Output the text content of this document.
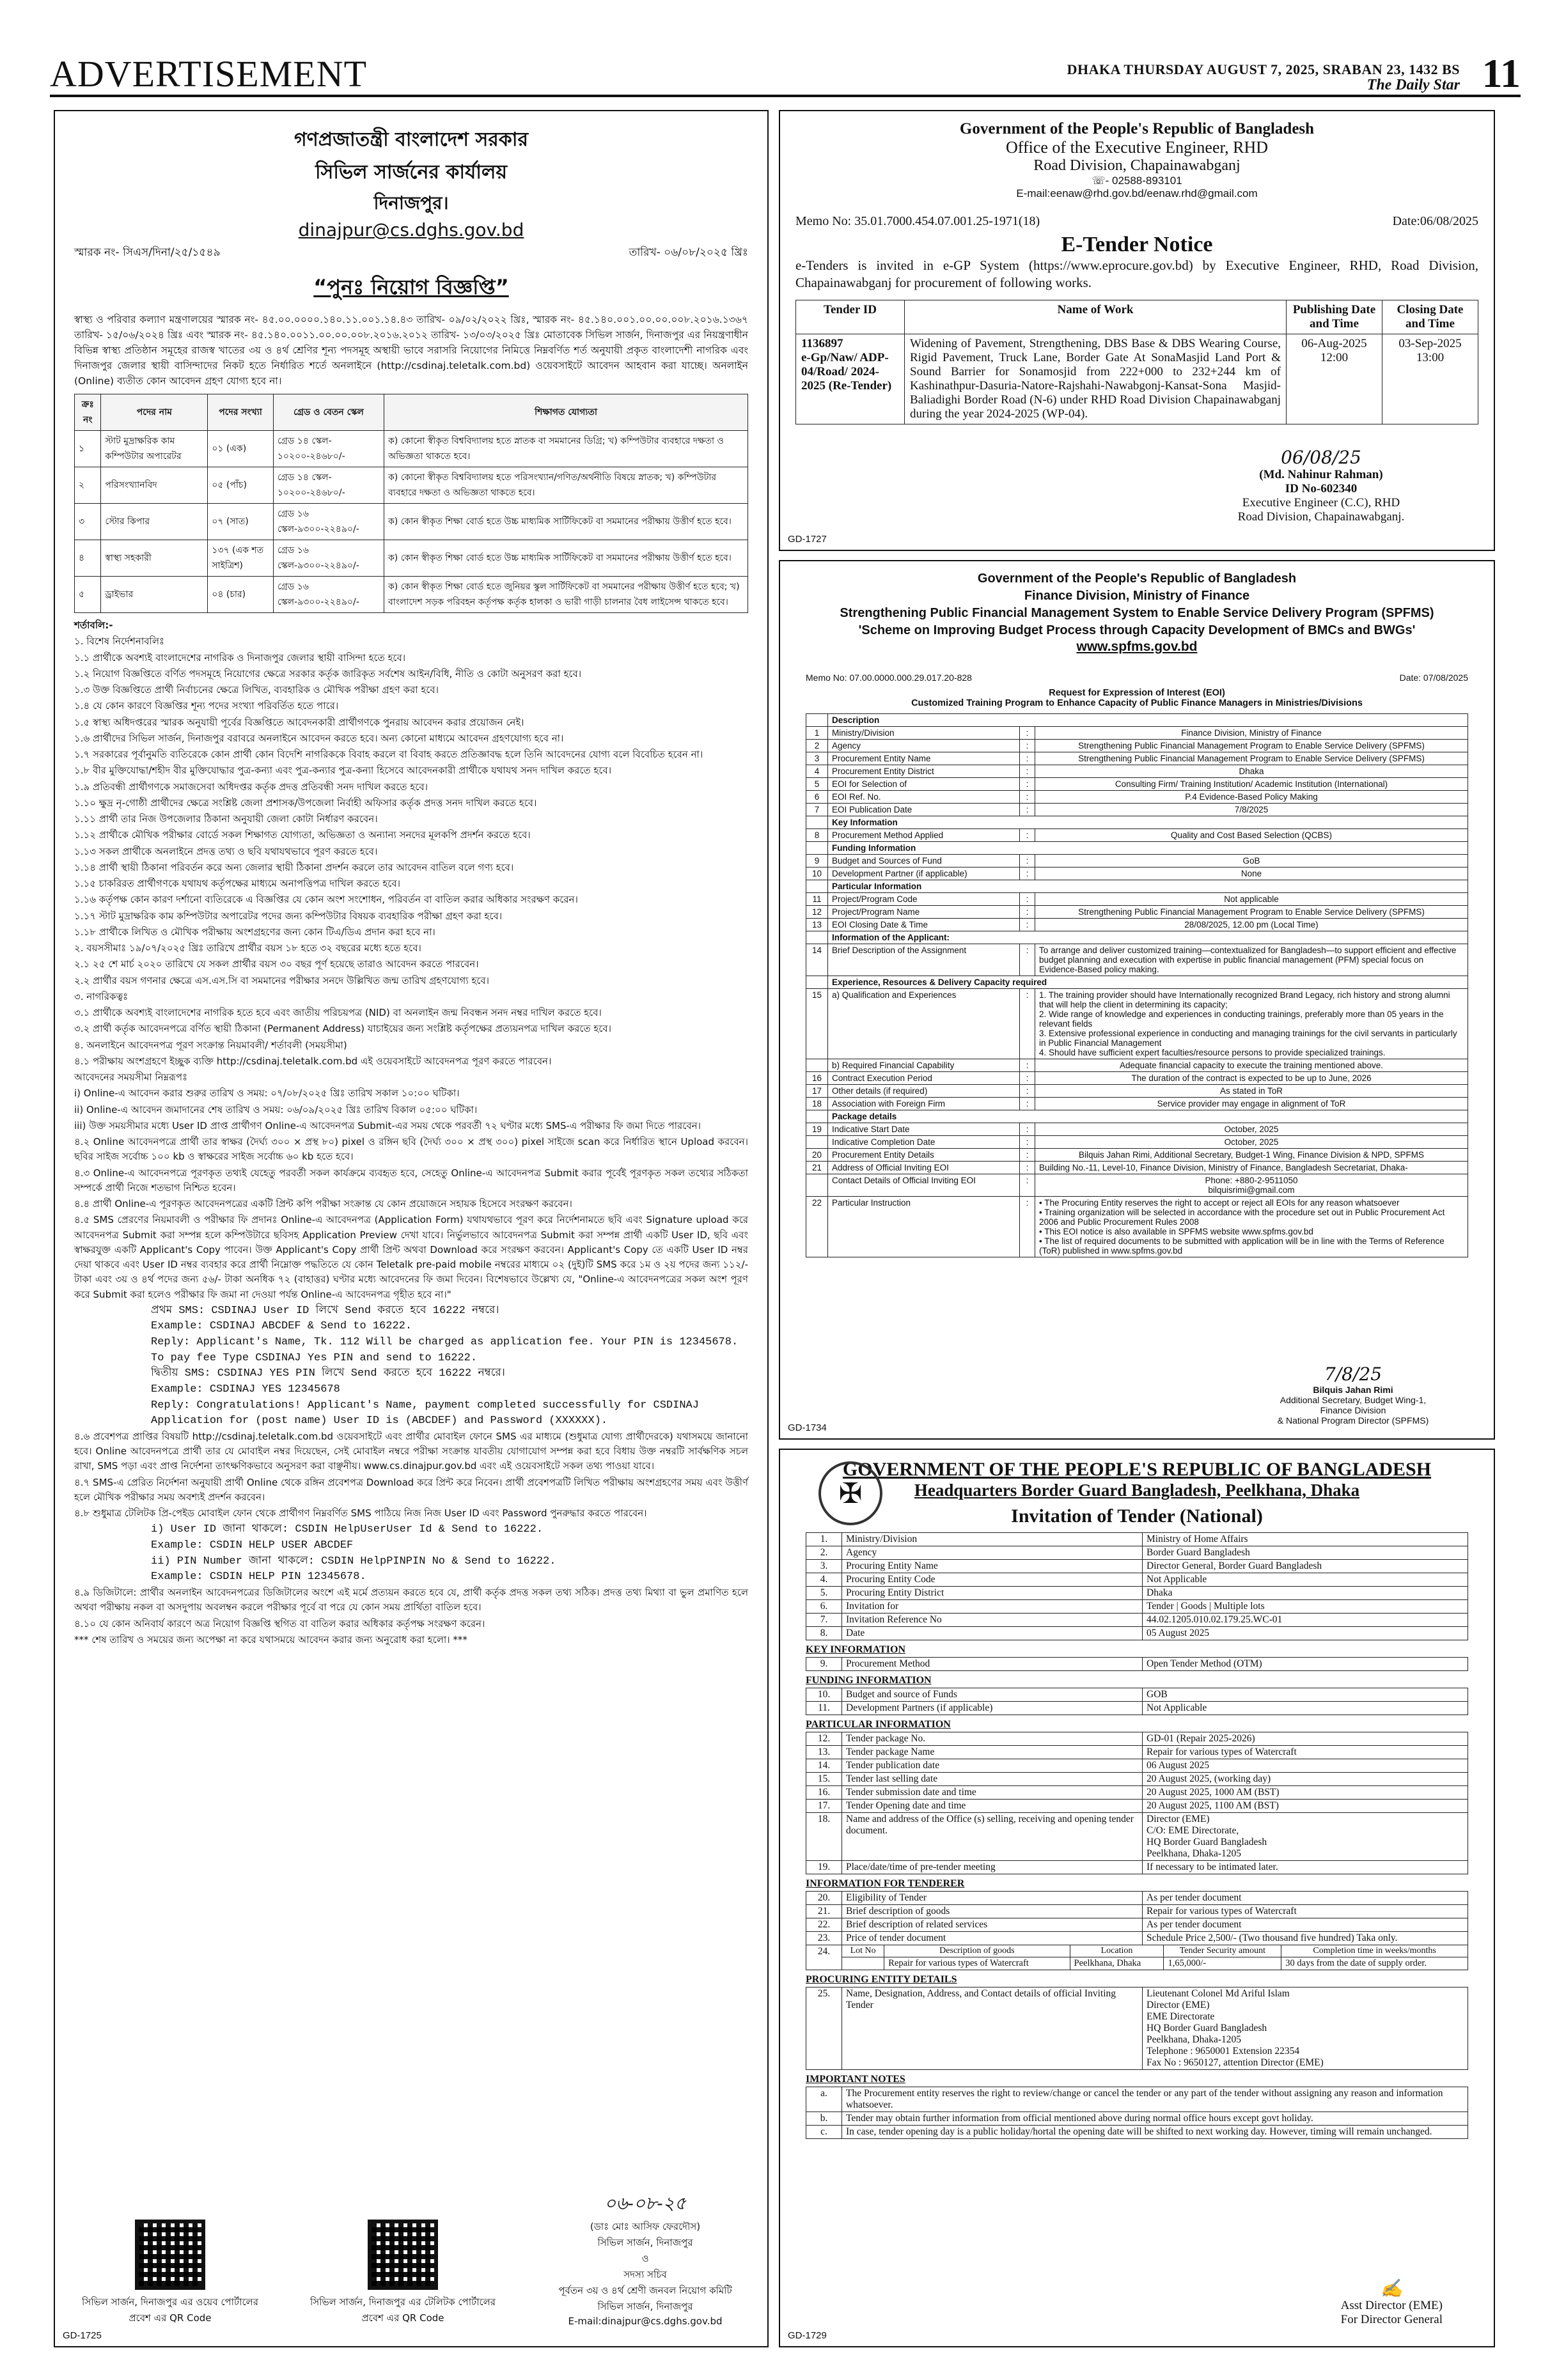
ADVERTISEMENT	DHAKA THURSDAY AUGUST 7, 2025, SRABAN 23, 1432 BS
The Daily Star 11
গণপ্রজাতন্ত্রী বাংলাদেশ সরকার
সিভিল সার্জনের কার্যালয়
দিনাজপুর।
dinajpur@cs.dghs.gov.bd
স্মারক নং- সিএস/দিনা/২৫/১৫৪৯	তারিখ- ০৬/০৮/২০২৫ খ্রিঃ
“পুনঃ নিয়োগ বিজ্ঞপ্তি”
স্বাস্থ্য ও পরিবার কল্যাণ মন্ত্রণালয়ের স্মারক নং- ৪৫.০০.০০০০.১৪০.১১.০০১.১৪.৪৩ তারিখ- ০৯/০২/২০২২ খ্রিঃ, স্মারক নং- ৪৫.১৪০.০০১.০০.০০.০০৮.২০১৬.১৩৬৭ তারিখ- ১৫/০৬/২০২৪ খ্রিঃ এবং স্মারক নং- ৪৫.১৪০.০০১১.০০.০০.০০৮.২০১৬.২০১২ তারিখ- ১৩/০৩/২০২৫ খ্রিঃ মোতাবেক সিভিল সার্জন, দিনাজপুর এর নিয়ন্ত্রণাধীন বিভিন্ন স্বাস্থ্য প্রতিষ্ঠান সমূহের রাজস্ব খাতের ৩য় ও ৪র্থ শ্রেণির শূন্য পদসমূহ অস্থায়ী ভাবে সরাসরি নিয়োগের নিমিত্তে নিম্নবর্ণিত শর্ত অনুযায়ী প্রকৃত বাংলাদেশী নাগরিক এবং দিনাজপুর জেলার স্থায়ী বাসিন্দাদের নিকট হতে নির্ধারিত শর্তে অনলাইনে (http://csdinaj.teletalk.com.bd) ওয়েবসাইটে আবেদন আহবান করা যাচ্ছে। অনলাইন (Online) ব্যতীত কোন আবেদন গ্রহণ যোগ্য হবে না।
ক্রঃ নং	পদের নাম	পদের সংখ্যা	গ্রেড ও বেতন স্কেল	শিক্ষাগত যোগ্যতা
১	স্টাট মুদ্রাক্ষরিক কাম কম্পিউটার অপারেটর	০১ (এক)	গ্রেড ১৪ স্কেল- ১০২০০-২৪৬৮০/-	ক) কোনো স্বীকৃত বিশ্ববিদ্যালয় হতে স্নাতক বা সমমানের ডিগ্রি; খ) কম্পিউটার ব্যবহারে দক্ষতা ও অভিজ্ঞতা থাকতে হবে।
২	পরিসংখ্যানবিদ	০৫ (পাঁচ)	গ্রেড ১৪ স্কেল- ১০২০০-২৪৬৮০/-	ক) কোনো স্বীকৃত বিশ্ববিদ্যালয় হতে পরিসংখ্যান/গণিত/অর্থনীতি বিষয়ে স্নাতক; খ) কম্পিউটার ব্যবহারে দক্ষতা ও অভিজ্ঞতা থাকতে হবে।
৩	স্টোর কিপার	০৭ (সাত)	গ্রেড ১৬ স্কেল-৯৩০০-২২৪৯০/-	ক) কোন স্বীকৃত শিক্ষা বোর্ড হতে উচ্চ মাধ্যমিক সার্টিফিকেট বা সমমানের পরীক্ষায় উত্তীর্ণ হতে হবে।
৪	স্বাস্থ্য সহকারী	১৩৭ (এক শত সাইত্রিশ)	গ্রেড ১৬ স্কেল-৯৩০০-২২৪৯০/-	ক) কোন স্বীকৃত শিক্ষা বোর্ড হতে উচ্চ মাধ্যমিক সার্টিফিকেট বা সমমানের পরীক্ষায় উত্তীর্ণ হতে হবে।
৫	ড্রাইভার	০৪ (চার)	গ্রেড ১৬ স্কেল-৯৩০০-২২৪৯০/-	ক) কোন স্বীকৃত শিক্ষা বোর্ড হতে জুনিয়র স্কুল সার্টিফিকেট বা সমমানের পরীক্ষায় উত্তীর্ণ হতে হবে; খ) বাংলাদেশ সড়ক পরিবহন কর্তৃপক্ষ কর্তৃক হালকা ও ভারী গাড়ী চালনার বৈধ লাইসেন্স থাকতে হবে।
শর্তাবলি:-
১. বিশেষ নির্দেশনাবলিঃ
১.১ প্রার্থীকে অবশ্যই বাংলাদেশের নাগরিক ও দিনাজপুর জেলার স্থায়ী বাসিন্দা হতে হবে।
১.২ নিয়োগ বিজ্ঞপ্তিতে বর্ণিত পদসমূহে নিয়োগের ক্ষেত্রে সরকার কর্তৃক জারিকৃত সর্বশেষ আইন/বিধি, নীতি ও কোটা অনুসরণ করা হবে।
১.৩ উক্ত বিজ্ঞপ্তিতে প্রার্থী নির্বাচনের ক্ষেত্রে লিখিত, ব্যবহারিক ও মৌখিক পরীক্ষা গ্রহণ করা হবে।
১.৪ যে কোন কারণে বিজ্ঞপ্তির শূন্য পদের সংখ্যা পরিবর্তিত হতে পারে।
১.৫ স্বাস্থ্য অধিদপ্তরের স্মারক অনুযায়ী পূর্বের বিজ্ঞপ্তিতে আবেদনকারী প্রার্থীগণকে পুনরায় আবেদন করার প্রয়োজন নেই।
১.৬ প্রার্থীদের সিভিল সার্জন, দিনাজপুর বরাবরে অনলাইনে আবেদন করতে হবে। অন্য কোনো মাধ্যমে আবেদন গ্রহণযোগ্য হবে না।
১.৭ সরকারের পূর্বানুমতি ব্যতিরেকে কোন প্রার্থী কোন বিদেশি নাগরিককে বিবাহ করলে বা বিবাহ করতে প্রতিজ্ঞাবদ্ধ হলে তিনি আবেদনের যোগ্য বলে বিবেচিত হবেন না।
১.৮ বীর মুক্তিযোদ্ধা/শহীদ বীর মুক্তিযোদ্ধার পুত্র-কন্যা এবং পুত্র-কন্যার পুত্র-কন্যা হিসেবে আবেদনকারী প্রার্থীকে যথাযথ সনদ দাখিল করতে হবে।
১.৯ প্রতিবন্ধী প্রার্থীগণকে সমাজসেবা অধিদপ্তর কর্তৃক প্রদত্ত প্রতিবন্ধী সনদ দাখিল করতে হবে।
১.১০ ক্ষুদ্র নৃ-গোষ্ঠী প্রার্থীদের ক্ষেত্রে সংশ্লিষ্ট জেলা প্রশাসক/উপজেলা নির্বাহী অফিসার কর্তৃক প্রদত্ত সনদ দাখিল করতে হবে।
১.১১ প্রার্থী তার নিজ উপজেলার ঠিকানা অনুযায়ী জেলা কোটা নির্ধারণ করবেন।
১.১২ প্রার্থীকে মৌখিক পরীক্ষার বোর্ডে সকল শিক্ষাগত যোগ্যতা, অভিজ্ঞতা ও অন্যান্য সনদের মূলকপি প্রদর্শন করতে হবে।
১.১৩ সকল প্রার্থীকে অনলাইনে প্রদত্ত তথ্য ও ছবি যথাযথভাবে পূরণ করতে হবে।
১.১৪ প্রার্থী স্থায়ী ঠিকানা পরিবর্তন করে অন্য জেলার স্থায়ী ঠিকানা প্রদর্শন করলে তার আবেদন বাতিল বলে গণ্য হবে।
১.১৫ চাকরিরত প্রার্থীগণকে যথাযথ কর্তৃপক্ষের মাধ্যমে অনাপত্তিপত্র দাখিল করতে হবে।
১.১৬ কর্তৃপক্ষ কোন কারণ দর্শানো ব্যতিরেকে এ বিজ্ঞপ্তির যে কোন অংশ সংশোধন, পরিবর্তন বা বাতিল করার অধিকার সংরক্ষণ করেন।
১.১৭ স্টাট মুদ্রাক্ষরিক কাম কম্পিউটার অপারেটর পদের জন্য কম্পিউটার বিষয়ক ব্যবহারিক পরীক্ষা গ্রহণ করা হবে।
১.১৮ প্রার্থীকে লিখিত ও মৌখিক পরীক্ষায় অংশগ্রহণের জন্য কোন টিএ/ডিএ প্রদান করা হবে না।
২. বয়সসীমাঃ ১৯/০৭/২০২৫ খ্রিঃ তারিখে প্রার্থীর বয়স ১৮ হতে ৩২ বছরের মধ্যে হতে হবে।
২.১ ২৫ শে মার্চ ২০২০ তারিখে যে সকল প্রার্থীর বয়স ৩০ বছর পূর্ণ হয়েছে তারাও আবেদন করতে পারবেন।
২.২ প্রার্থীর বয়স গণনার ক্ষেত্রে এস.এস.সি বা সমমানের পরীক্ষার সনদে উল্লিখিত জন্ম তারিখ গ্রহণযোগ্য হবে।
৩. নাগরিকত্বঃ
৩.১ প্রার্থীকে অবশ্যই বাংলাদেশের নাগরিক হতে হবে এবং জাতীয় পরিচয়পত্র (NID) বা অনলাইন জন্ম নিবন্ধন সনদ নম্বর দাখিল করতে হবে।
৩.২ প্রার্থী কর্তৃক আবেদনপত্রে বর্ণিত স্থায়ী ঠিকানা (Permanent Address) যাচাইয়ের জন্য সংশ্লিষ্ট কর্তৃপক্ষের প্রত্যয়নপত্র দাখিল করতে হবে।
৪. অনলাইনে আবেদনপত্র পূরণ সংক্রান্ত নিয়মাবলী/ শর্তাবলী (সময়সীমা)
৪.১ পরীক্ষায় অংশগ্রহণে ইচ্ছুক ব্যক্তি http://csdinaj.teletalk.com.bd এই ওয়েবসাইটে আবেদনপত্র পূরণ করতে পারবেন।
আবেদনের সময়সীমা নিম্নরূপঃ
i) Online-এ আবেদন করার শুরুর তারিখ ও সময়: ০৭/০৮/২০২৫ খ্রিঃ তারিখ সকাল ১০:০০ ঘটিকা।
ii) Online-এ আবেদন জমাদানের শেষ তারিখ ও সময়: ০৬/০৯/২০২৫ খ্রিঃ তারিখ বিকাল ০৫:০০ ঘটিকা।
iii) উক্ত সময়সীমার মধ্যে User ID প্রাপ্ত প্রার্থীগণ Online-এ আবেদনপত্র Submit-এর সময় থেকে পরবর্তী ৭২ ঘণ্টার মধ্যে SMS-এ পরীক্ষার ফি জমা দিতে পারবেন।
৪.২ Online আবেদনপত্রে প্রার্থী তার স্বাক্ষর (দৈর্ঘ্য ৩০০ × প্রস্থ ৮০) pixel ও রঙ্গিন ছবি (দৈর্ঘ্য ৩০০ × প্রস্থ ৩০০) pixel সাইজে scan করে নির্ধারিত স্থানে Upload করবেন। ছবির সাইজ সর্বোচ্চ ১০০ kb ও স্বাক্ষরের সাইজ সর্বোচ্চ ৬০ kb হতে হবে।
৪.৩ Online-এ আবেদনপত্রে পূরণকৃত তথ্যই যেহেতু পরবর্তী সকল কার্যক্রমে ব্যবহৃত হবে, সেহেতু Online-এ আবেদনপত্র Submit করার পূর্বেই পূরণকৃত সকল তথ্যের সঠিকতা সম্পর্কে প্রার্থী নিজে শতভাগ নিশ্চিত হবেন।
৪.৪ প্রার্থী Online-এ পূরণকৃত আবেদনপত্রের একটি প্রিন্ট কপি পরীক্ষা সংক্রান্ত যে কোন প্রয়োজনে সহায়ক হিসেবে সংরক্ষণ করবেন।
৪.৫ SMS প্রেরণের নিয়মাবলী ও পরীক্ষার ফি প্রদানঃ Online-এ আবেদনপত্র (Application Form) যথাযথভাবে পূরণ করে নির্দেশনামতে ছবি এবং Signature upload করে আবেদনপত্র Submit করা সম্পন্ন হলে কম্পিউটারে ছবিসহ Application Preview দেখা যাবে। নির্ভুলভাবে আবেদনপত্র Submit করা সম্পন্ন প্রার্থী একটি User ID, ছবি এবং স্বাক্ষরযুক্ত একটি Applicant's Copy পাবেন। উক্ত Applicant's Copy প্রার্থী প্রিন্ট অথবা Download করে সংরক্ষণ করবেন। Applicant's Copy তে একটি User ID নম্বর দেয়া থাকবে এবং User ID নম্বর ব্যবহার করে প্রার্থী নিম্নোক্ত পদ্ধতিতে যে কোন Teletalk pre-paid mobile নম্বরের মাধ্যমে ০২ (দুই)টি SMS করে ১ম ও ২য় পদের জন্য ১১২/- টাকা এবং ৩য় ও ৪র্থ পদের জন্য ৫৬/- টাকা অনধিক ৭২ (বাহাত্তর) ঘণ্টার মধ্যে আবেদনের ফি জমা দিবেন। বিশেষভাবে উল্লেখ্য যে, "Online-এ আবেদনপত্রের সকল অংশ পূরণ করে Submit করা হলেও পরীক্ষার ফি জমা না দেওয়া পর্যন্ত Online-এ আবেদনপত্র গৃহীত হবে না।"
প্রথম SMS: CSDINAJ User ID লিখে Send করতে হবে 16222 নম্বরে।
Example: CSDINAJ ABCDEF & Send to 16222.
Reply: Applicant's Name, Tk. 112 Will be charged as application fee. Your PIN is 12345678. To pay fee Type CSDINAJ Yes PIN and send to 16222.
দ্বিতীয় SMS: CSDINAJ YES PIN লিখে Send করতে হবে 16222 নম্বরে।
Example: CSDINAJ YES 12345678
Reply: Congratulations! Applicant's Name, payment completed successfully for CSDINAJ Application for (post name) User ID is (ABCDEF) and Password (XXXXXX).
৪.৬ প্রবেশপত্র প্রাপ্তির বিষয়টি http://csdinaj.teletalk.com.bd ওয়েবসাইটে এবং প্রার্থীর মোবাইল ফোনে SMS এর মাধ্যমে (শুধুমাত্র যোগ্য প্রার্থীদেরকে) যথাসময়ে জানানো হবে। Online আবেদনপত্রে প্রার্থী তার যে মোবাইল নম্বর দিয়েছেন, সেই মোবাইল নম্বরে পরীক্ষা সংক্রান্ত যাবতীয় যোগাযোগ সম্পন্ন করা হবে বিধায় উক্ত নম্বরটি সার্বক্ষণিক সচল রাখা, SMS পড়া এবং প্রাপ্ত নির্দেশনা তাৎক্ষণিকভাবে অনুসরণ করা বাঞ্ছনীয়। www.cs.dinajpur.gov.bd এবং এই ওয়েবসাইটে সকল তথ্য পাওয়া যাবে।
৪.৭ SMS-এ প্রেরিত নির্দেশনা অনুযায়ী প্রার্থী Online থেকে রঙ্গিন প্রবেশপত্র Download করে প্রিন্ট করে নিবেন। প্রার্থী প্রবেশপত্রটি লিখিত পরীক্ষায় অংশগ্রহণের সময় এবং উত্তীর্ণ হলে মৌখিক পরীক্ষার সময় অবশ্যই প্রদর্শন করবেন।
৪.৮ শুধুমাত্র টেলিটক প্রি-পেইড মোবাইল ফোন থেকে প্রার্থীগণ নিম্নবর্ণিত SMS পাঠিয়ে নিজ নিজ User ID এবং Password পুনরুদ্ধার করতে পারবেন।
i) User ID জানা থাকলে: CSDIN HelpUserUser Id & Send to 16222.
Example: CSDIN HELP USER ABCDEF
ii) PIN Number জানা থাকলে: CSDIN HelpPINPIN No & Send to 16222.
Example: CSDIN HELP PIN 12345678.
৪.৯ ডিজিটালে: প্রার্থীর অনলাইন আবেদনপত্রের ডিজিটালের অংশে এই মর্মে প্রত্যয়ন করতে হবে যে, প্রার্থী কর্তৃক প্রদত্ত সকল তথ্য সঠিক। প্রদত্ত তথ্য মিথ্যা বা ভুল প্রমাণিত হলে অথবা পরীক্ষায় নকল বা অসদুপায় অবলম্বন করলে পরীক্ষার পূর্বে বা পরে যে কোন সময় প্রার্থিতা বাতিল হবে।
৪.১০ যে কোন অনিবার্য কারণে অত্র নিয়োগ বিজ্ঞপ্তি স্থগিত বা বাতিল করার অধিকার কর্তৃপক্ষ সংরক্ষণ করেন।
*** শেষ তারিখ ও সময়ের জন্য অপেক্ষা না করে যথাসময়ে আবেদন করার জন্য অনুরোধ করা হলো। ***
সিভিল সার্জন, দিনাজপুর এর ওয়েব পোর্টালের প্রবেশ এর QR Code
সিভিল সার্জন, দিনাজপুর এর টেলিটক পোর্টালের প্রবেশ এর QR Code
০৬-০৮-২৫
(ডাঃ মোঃ আসিফ ফেরদৌস)
সিভিল সার্জন, দিনাজপুর
ও
সদস্য সচিব
পূর্বতন ৩য় ও ৪র্থ শ্রেণী জনবল নিয়োগ কমিটি
সিভিল সার্জন, দিনাজপুর
E-mail:dinajpur@cs.dghs.gov.bd
GD-1725
Government of the People's Republic of Bangladesh
Office of the Executive Engineer, RHD
Road Division, Chapainawabganj
☏- 02588-893101
E-mail:eenaw@rhd.gov.bd/eenaw.rhd@gmail.com
Memo No: 35.01.7000.454.07.001.25-1971(18)	Date:06/08/2025
E-Tender Notice
e-Tenders is invited in e-GP System (https://www.eprocure.gov.bd) by Executive Engineer, RHD, Road Division, Chapainawabganj for procurement of following works.
Tender ID	Name of Work	Publishing Date and Time	Closing Date and Time
1136897
e-Gp/Naw/ ADP-04/Road/ 2024-2025 (Re-Tender)	Widening of Pavement, Strengthening, DBS Base & DBS Wearing Course, Rigid Pavement, Truck Lane, Border Gate At SonaMasjid Land Port & Sound Barrier for Sonamosjid from 222+000 to 232+244 km of Kashinathpur-Dasuria-Natore-Rajshahi-Nawabgonj-Kansat-Sona Masjid- Baliadighi Border Road (N-6) under RHD Road Division Chapainawabganj during the year 2024-2025 (WP-04).	06-Aug-2025 12:00	03-Sep-2025 13:00
06/08/25
(Md. Nahinur Rahman)
ID No-602340
Executive Engineer (C.C), RHD
Road Division, Chapainawabganj.
GD-1727
Government of the People's Republic of Bangladesh
Finance Division, Ministry of Finance
Strengthening Public Financial Management System to Enable Service Delivery Program (SPFMS)
'Scheme on Improving Budget Process through Capacity Development of BMCs and BWGs'
www.spfms.gov.bd
Memo No: 07.00.0000.000.29.017.20-828	Date: 07/08/2025
Request for Expression of Interest (EOI)
Customized Training Program to Enhance Capacity of Public Finance Managers in Ministries/Divisions
	Description		
1	Ministry/Division	:	Finance Division, Ministry of Finance
2	Agency	:	Strengthening Public Financial Management Program to Enable Service Delivery (SPFMS)
3	Procurement Entity Name	:	Strengthening Public Financial Management Program to Enable Service Delivery (SPFMS)
4	Procurement Entity District	:	Dhaka
5	EOI for Selection of	:	Consulting Firm/ Training Institution/ Academic Institution (International)
6	EOI Ref. No.	:	P.4 Evidence-Based Policy Making
7	EOI Publication Date	:	7/8/2025
	Key Information		
8	Procurement Method Applied	:	Quality and Cost Based Selection (QCBS)
	Funding Information		
9	Budget and Sources of Fund	:	GoB
10	Development Partner (if applicable)	:	None
	Particular Information		
11	Project/Program Code	:	Not applicable
12	Project/Program Name	:	Strengthening Public Financial Management Program to Enable Service Delivery (SPFMS)
13	EOI Closing Date & Time	:	28/08/2025, 12.00 pm (Local Time)
	Information of the Applicant:		
14	Brief Description of the Assignment	:	To arrange and deliver customized training—contextualized for Bangladesh—to support efficient and effective budget planning and execution with expertise in public financial management (PFM) special focus on Evidence-Based policy making.
	Experience, Resources & Delivery Capacity required		
15	a) Qualification and Experiences	:	1. The training provider should have Internationally recognized Brand Legacy, rich history and strong alumni that will help the client in determining its capacity;
2. Wide range of knowledge and experiences in conducting trainings, preferably more than 05 years in the relevant fields
3. Extensive professional experience in conducting and managing trainings for the civil servants in particularly in Public Financial Management
4. Should have sufficient expert faculties/resource persons to provide specialized trainings.
	b) Required Financial Capability	:	Adequate financial capacity to execute the training mentioned above.
16	Contract Execution Period	:	The duration of the contract is expected to be up to June, 2026
17	Other details (if required)	:	As stated in ToR
18	Association with Foreign Firm	:	Service provider may engage in alignment of ToR
	Package details		
19	Indicative Start Date	:	October, 2025
	Indicative Completion Date	:	October, 2025
20	Procurement Entity Details	:	Bilquis Jahan Rimi, Additional Secretary, Budget-1 Wing, Finance Division & NPD, SPFMS
21	Address of Official Inviting EOI	:	Building No.-11, Level-10, Finance Division, Ministry of Finance, Bangladesh Secretariat, Dhaka-
	Contact Details of Official Inviting EOI	:	Phone: +880-2-9511050
bilquisrimi@gmail.com
22	Particular Instruction	:	• The Procuring Entity reserves the right to accept or reject all EOIs for any reason whatsoever
• Training organization will be selected in accordance with the procedure set out in Public Procurement Act 2006 and Public Procurement Rules 2008
• This EOI notice is also available in SPFMS website www.spfms.gov.bd
• The list of required documents to be submitted with application will be in line with the Terms of Reference (ToR) published in www.spfms.gov.bd
7/8/25
Bilquis Jahan Rimi
Additional Secretary, Budget Wing-1,
Finance Division
& National Program Director (SPFMS)
GD-1734
✠
GOVERNMENT OF THE PEOPLE'S REPUBLIC OF BANGLADESH
Headquarters Border Guard Bangladesh, Peelkhana, Dhaka
Invitation of Tender (National)
1.	Ministry/Division	Ministry of Home Affairs
2.	Agency	Border Guard Bangladesh
3.	Procuring Entity Name	Director General, Border Guard Bangladesh
4.	Procuring Entity Code	Not Applicable
5.	Procuring Entity District	Dhaka
6.	Invitation for	Tender | Goods | Multiple lots
7.	Invitation Reference No	44.02.1205.010.02.179.25.WC-01
8.	Date	05 August 2025
KEY INFORMATION
9.	Procurement Method	Open Tender Method (OTM)
FUNDING INFORMATION
10.	Budget and source of Funds	GOB
11.	Development Partners (if applicable)	Not Applicable
PARTICULAR INFORMATION
12.	Tender package No.	GD-01 (Repair 2025-2026)
13.	Tender package Name	Repair for various types of Watercraft
14.	Tender publication date	06 August 2025
15.	Tender last selling date	20 August 2025, (working day)
16.	Tender submission date and time	20 August 2025, 1000 AM (BST)
17.	Tender Opening date and time	20 August 2025, 1100 AM (BST)
18.	Name and address of the Office (s) selling, receiving and opening tender document.	Director (EME)
C/O: EME Directorate,
HQ Border Guard Bangladesh
Peelkhana, Dhaka-1205
19.	Place/date/time of pre-tender meeting	If necessary to be intimated later.
INFORMATION FOR TENDERER
20.	Eligibility of Tender	As per tender document
21.	Brief description of goods	Repair for various types of Watercraft
22.	Brief description of related services	As per tender document
23.	Price of tender document	Schedule Price 2,500/- (Two thousand five hundred) Taka only.
24.	Lot No	Description of goods	Location	Tender Security amount	Completion time in weeks/months
		Repair for various types of Watercraft	Peelkhana, Dhaka	1,65,000/-	30 days from the date of supply order.
PROCURING ENTITY DETAILS
25.	Name, Designation, Address, and Contact details of official Inviting Tender	Lieutenant Colonel Md Ariful Islam
Director (EME)
EME Directorate
HQ Border Guard Bangladesh
Peelkhana, Dhaka-1205
Telephone : 9650001 Extension 22354
Fax No : 9650127, attention Director (EME)
IMPORTANT NOTES
a.	The Procurement entity reserves the right to review/change or cancel the tender or any part of the tender without assigning any reason and information whatsoever.
b.	Tender may obtain further information from official mentioned above during normal office hours except govt holiday.
c.	In case, tender opening day is a public holiday/hortal the opening date will be shifted to next working day. However, timing will remain unchanged.
✍
Asst Director (EME)
For Director General
GD-1729
